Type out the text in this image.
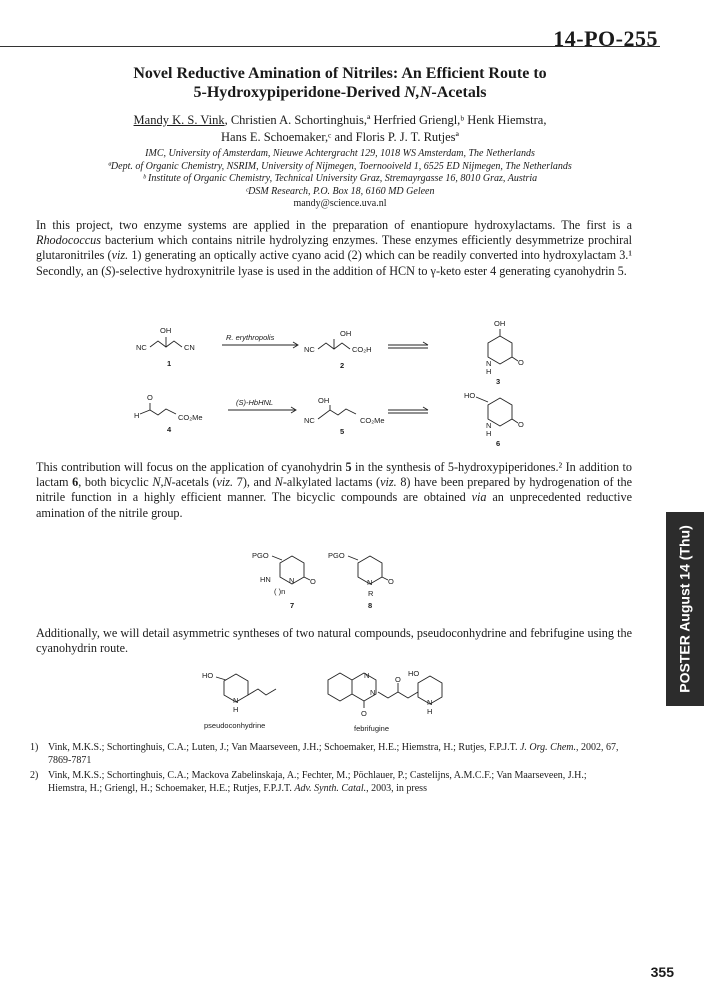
14-PO-255
Novel Reductive Amination of Nitriles: An Efficient Route to
5-Hydroxypiperidone-Derived N,N-Acetals
Mandy K. S. Vink, Christien A. Schortinghuis,ª Herfried Griengl,ᵇ Henk Hiemstra,
Hans E. Schoemaker,ᶜ and Floris P. J. T. Rutjesª
IMC, University of Amsterdam, Nieuwe Achtergracht 129, 1018 WS Amsterdam, The Netherlands
ªDept. of Organic Chemistry, NSRIM, University of Nijmegen, Toernooiveld 1, 6525 ED Nijmegen, The Netherlands
ᵇ Institute of Organic Chemistry, Technical University Graz, Stremayrgasse 16, 8010 Graz, Austria
ᶜDSM Research, P.O. Box 18, 6160 MD Geleen
mandy@science.uva.nl
In this project, two enzyme systems are applied in the preparation of enantiopure hydroxylactams. The first is a Rhodococcus bacterium which contains nitrile hydrolyzing enzymes. These enzymes efficiently desymmetrize prochiral glutaronitriles (viz. 1) generating an optically active cyano acid (2) which can be readily converted into hydroxylactam 3.¹ Secondly, an (S)-selective hydroxynitrile lyase is used in the addition of HCN to γ-keto ester 4 generating cyanohydrin 5.
This contribution will focus on the application of cyanohydrin 5 in the synthesis of 5-hydroxypiperidones.² In addition to lactam 6, both bicyclic N,N-acetals (viz. 7), and N-alkylated lactams (viz. 8) have been prepared by hydrogenation of the nitrile function in a highly efficient manner. The bicyclic compounds are obtained via an unprecedented reductive amination of the nitrile group.
Additionally, we will detail asymmetric syntheses of two natural compounds, pseudoconhydrine and febrifugine using the cyanohydrin route.
NC
OH
CN
1
R. erythropolis
NC
OH
CO₂H
2
OH
N
H
O
3
O
H	CO₂Me
4
(S)-HbHNL	OH
NC	CO₂Me
5
HO
N
H
O
6
PGO
HN N O
( )n
7
PGO
N O
R
8
HO
N
H
pseudoconhydrine
N
N
O
O
HO
N
H
febrifugine
1) Vink, M.K.S.; Schortinghuis, C.A.; Luten, J.; Van Maarseveen, J.H.; Schoemaker, H.E.; Hiemstra, H.; Rutjes, F.P.J.T. J. Org. Chem., 2002, 67, 7869-7871
2) Vink, M.K.S.; Schortinghuis, C.A.; Mackova Zabelinskaja, A.; Fechter, M.; Pöchlauer, P.; Castelijns, A.M.C.F.; Van Maarseveen, J.H.; Hiemstra, H.; Griengl, H.; Schoemaker, H.E.; Rutjes, F.P.J.T. Adv. Synth. Catal., 2003, in press
POSTER August 14 (Thu)
355
